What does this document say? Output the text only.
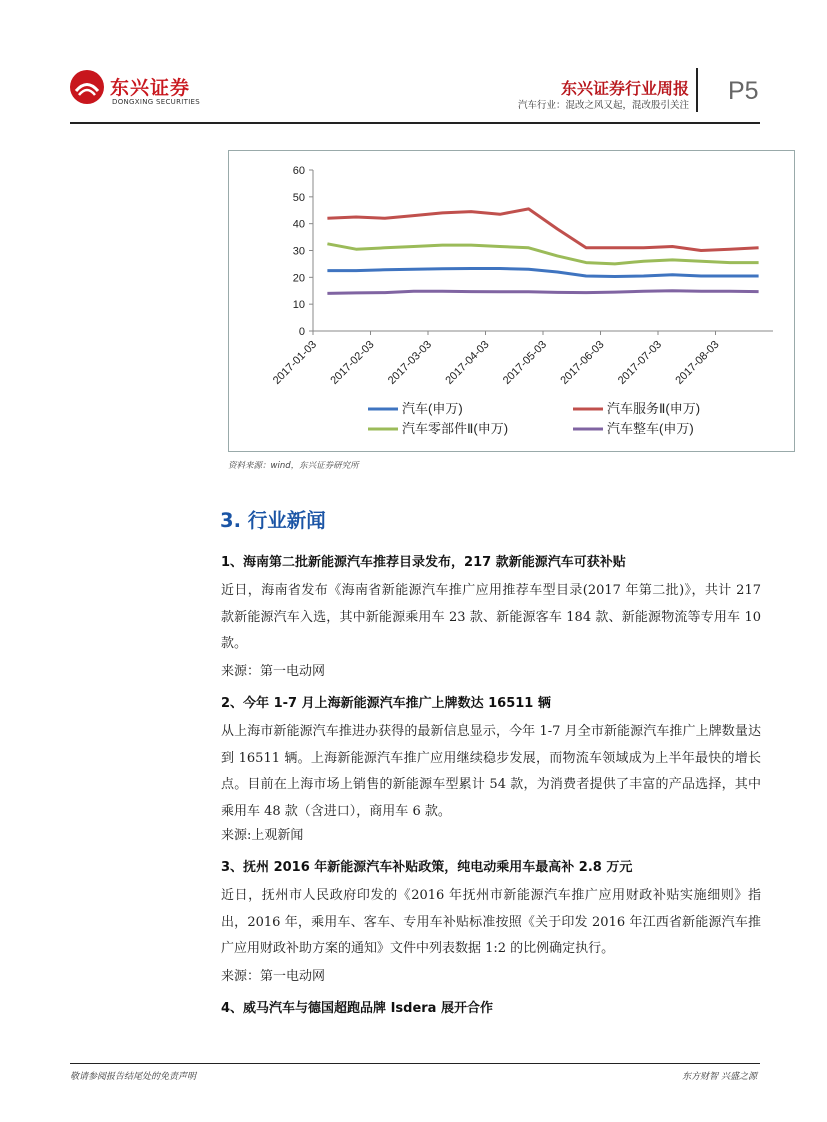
东兴证券
DONGXING SECURITIES
东兴证券行业周报
汽车行业：混改之风又起，混改股引关注
P5
0
10
20
30
40
50
60
2017-01-03 2017-02-03 2017-03-03 2017-04-03 2017-05-03 2017-06-03 2017-07-03 2017-08-03
汽车(申万)	汽车服务Ⅱ(申万)
汽车零部件Ⅱ(申万)	汽车整车(申万)
资料来源：wind，东兴证券研究所
3. 行业新闻
1、海南第二批新能源汽车推荐目录发布，217 款新能源汽车可获补贴
近日，海南省发布《海南省新能源汽车推广应用推荐车型目录(2017 年第二批)》，共计 217 款新能源汽车入选，其中新能源乘用车 23 款、新能源客车 184 款、新能源物流等专用车 10 款。
来源：第一电动网
2、今年 1-7 月上海新能源汽车推广上牌数达 16511 辆
从上海市新能源汽车推进办获得的最新信息显示，今年 1-7 月全市新能源汽车推广上牌数量达到 16511 辆。上海新能源汽车推广应用继续稳步发展，而物流车领域成为上半年最快的增长点。目前在上海市场上销售的新能源车型累计 54 款，为消费者提供了丰富的产品选择，其中乘用车 48 款（含进口），商用车 6 款。
来源:上观新闻
3、抚州 2016 年新能源汽车补贴政策，纯电动乘用车最高补 2.8 万元
近日，抚州市人民政府印发的《2016 年抚州市新能源汽车推广应用财政补贴实施细则》指出，2016 年，乘用车、客车、专用车补贴标准按照《关于印发 2016 年江西省新能源汽车推广应用财政补助方案的通知》文件中列表数据 1:2 的比例确定执行。
来源：第一电动网
4、威马汽车与德国超跑品牌 Isdera 展开合作
敬请参阅报告结尾处的免责声明	东方财智 兴盛之源
